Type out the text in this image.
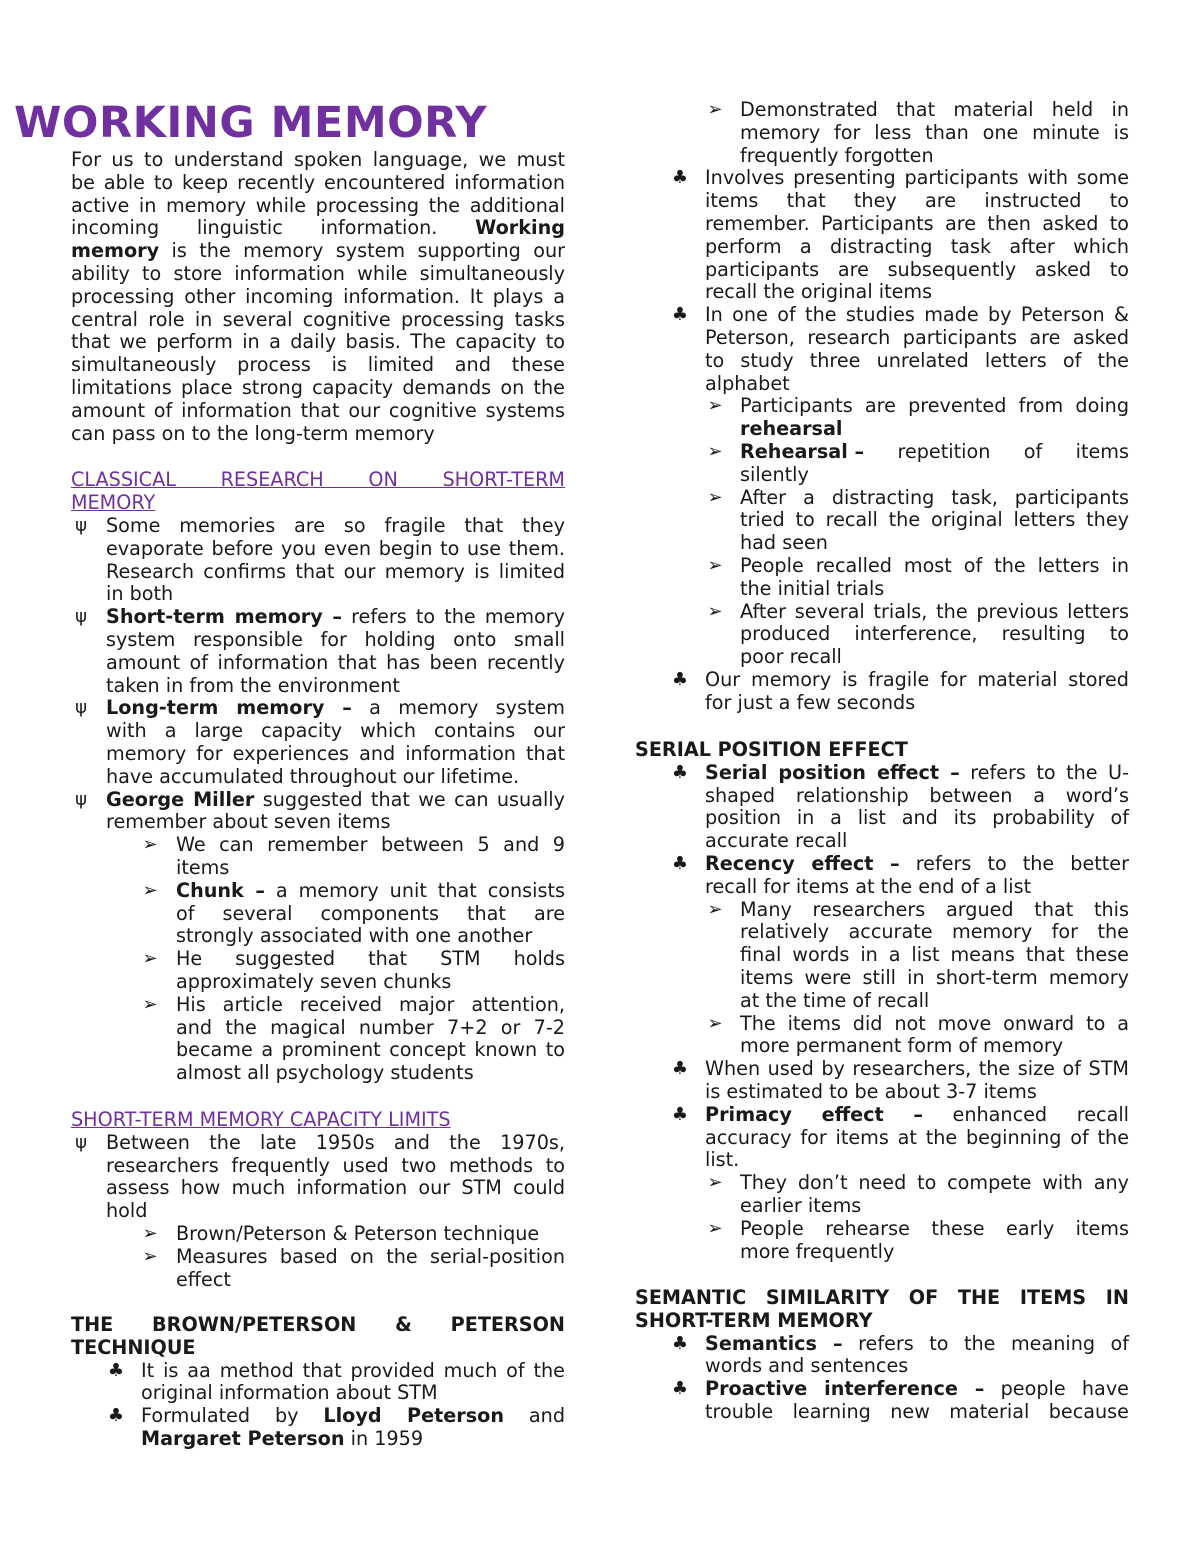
WORKING MEMORY
For us to understand spoken language, we must
be able to keep recently encountered information
active in memory while processing the additional
incoming linguistic information. Working
memory is the memory system supporting our
ability to store information while simultaneously
processing other incoming information. It plays a
central role in several cognitive processing tasks
that we perform in a daily basis. The capacity to
simultaneously process is limited and these
limitations place strong capacity demands on the
amount of information that our cognitive systems
can pass on to the long-term memory
CLASSICAL RESEARCH ON SHORT-TERM
MEMORY
ψ Some memories are so fragile that they
evaporate before you even begin to use them.
Research confirms that our memory is limited
in both
ψ Short-term memory – refers to the memory
system responsible for holding onto small
amount of information that has been recently
taken in from the environment
ψ Long-term memory – a memory system
with a large capacity which contains our
memory for experiences and information that
have accumulated throughout our lifetime.
ψ George Miller suggested that we can usually
remember about seven items
➢ We can remember between 5 and 9
items
➢ Chunk – a memory unit that consists
of several components that are
strongly associated with one another
➢ He suggested that STM holds
approximately seven chunks
➢ His article received major attention,
and the magical number 7+2 or 7-2
became a prominent concept known to
almost all psychology students
SHORT-TERM MEMORY CAPACITY LIMITS
ψ Between the late 1950s and the 1970s,
researchers frequently used two methods to
assess how much information our STM could
hold
➢ Brown/Peterson & Peterson technique
➢ Measures based on the serial-position
effect
THE BROWN/PETERSON & PETERSON
TECHNIQUE
♣ It is aa method that provided much of the
original information about STM
♣ Formulated by Lloyd Peterson and
Margaret Peterson in 1959
➢ Demonstrated that material held in
memory for less than one minute is
frequently forgotten
♣ Involves presenting participants with some
items that they are instructed to
remember. Participants are then asked to
perform a distracting task after which
participants are subsequently asked to
recall the original items
♣ In one of the studies made by Peterson &
Peterson, research participants are asked
to study three unrelated letters of the
alphabet
➢ Participants are prevented from doing
rehearsal
➢ Rehearsal – repetition of items
silently
➢ After a distracting task, participants
tried to recall the original letters they
had seen
➢ People recalled most of the letters in
the initial trials
➢ After several trials, the previous letters
produced interference, resulting to
poor recall
♣ Our memory is fragile for material stored
for just a few seconds
SERIAL POSITION EFFECT
♣ Serial position effect – refers to the U-
shaped relationship between a word’s
position in a list and its probability of
accurate recall
♣ Recency effect – refers to the better
recall for items at the end of a list
➢ Many researchers argued that this
relatively accurate memory for the
final words in a list means that these
items were still in short-term memory
at the time of recall
➢ The items did not move onward to a
more permanent form of memory
♣ When used by researchers, the size of STM
is estimated to be about 3-7 items
♣ Primacy effect – enhanced recall
accuracy for items at the beginning of the
list.
➢ They don’t need to compete with any
earlier items
➢ People rehearse these early items
more frequently
SEMANTIC SIMILARITY OF THE ITEMS IN
SHORT-TERM MEMORY
♣ Semantics – refers to the meaning of
words and sentences
♣ Proactive interference – people have
trouble learning new material because
